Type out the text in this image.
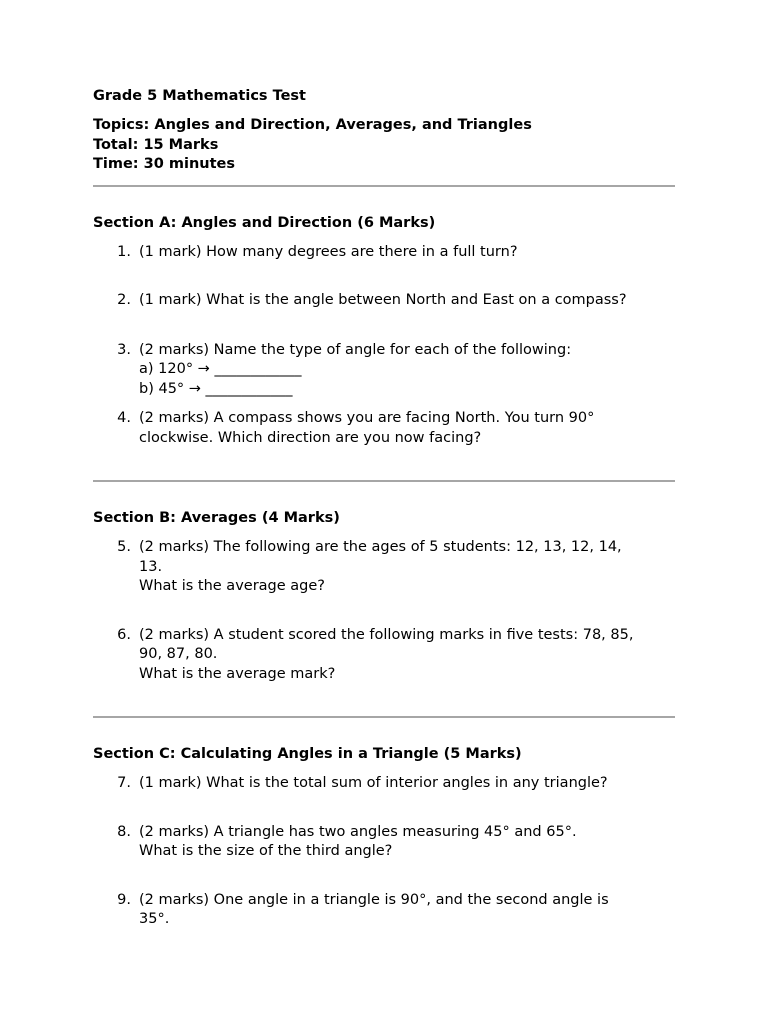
Grade 5 Mathematics Test
Topics: Angles and Direction, Averages, and Triangles
Total: 15 Marks
Time: 30 minutes
Section A: Angles and Direction (6 Marks)
1. (1 mark) How many degrees are there in a full turn?
2. (1 mark) What is the angle between North and East on a compass?
3. (2 marks) Name the type of angle for each of the following:
a) 120° → ____________
b) 45° → ____________
4. (2 marks) A compass shows you are facing North. You turn 90°
clockwise. Which direction are you now facing?
Section B: Averages (4 Marks)
5. (2 marks) The following are the ages of 5 students: 12, 13, 12, 14,
13.
What is the average age?
6. (2 marks) A student scored the following marks in five tests: 78, 85,
90, 87, 80.
What is the average mark?
Section C: Calculating Angles in a Triangle (5 Marks)
7. (1 mark) What is the total sum of interior angles in any triangle?
8. (2 marks) A triangle has two angles measuring 45° and 65°.
What is the size of the third angle?
9. (2 marks) One angle in a triangle is 90°, and the second angle is
35°.
